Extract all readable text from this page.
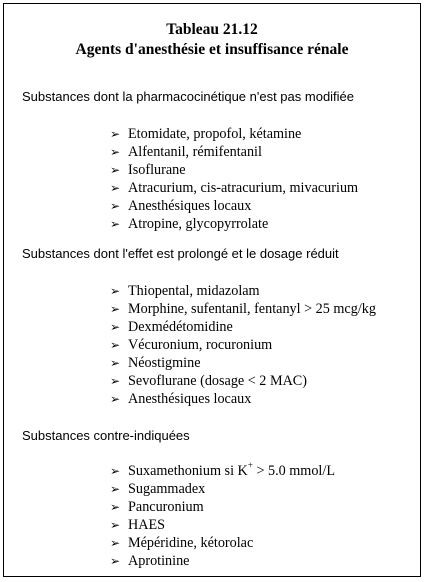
Tableau 21.12
Agents d'anesthésie et insuffisance rénale

Substances dont la pharmacocinétique n'est pas modifiée

➢ Etomidate, propofol, kétamine
➢ Alfentanil, rémifentanil
➢ Isoflurane
➢ Atracurium, cis-atracurium, mivacurium
➢ Anesthésiques locaux
➢ Atropine, glycopyrrolate

Substances dont l'effet est prolongé et le dosage réduit

➢ Thiopental, midazolam
➢ Morphine, sufentanil, fentanyl > 25 mcg/kg
➢ Dexmédétomidine
➢ Vécuronium, rocuronium
➢ Néostigmine
➢ Sevoflurane (dosage < 2 MAC)
➢ Anesthésiques locaux

Substances contre-indiquées

➢ Suxamethonium si K+ > 5.0 mmol/L
➢ Sugammadex
➢ Pancuronium
➢ HAES
➢ Mépéridine, kétorolac
➢ Aprotinine
